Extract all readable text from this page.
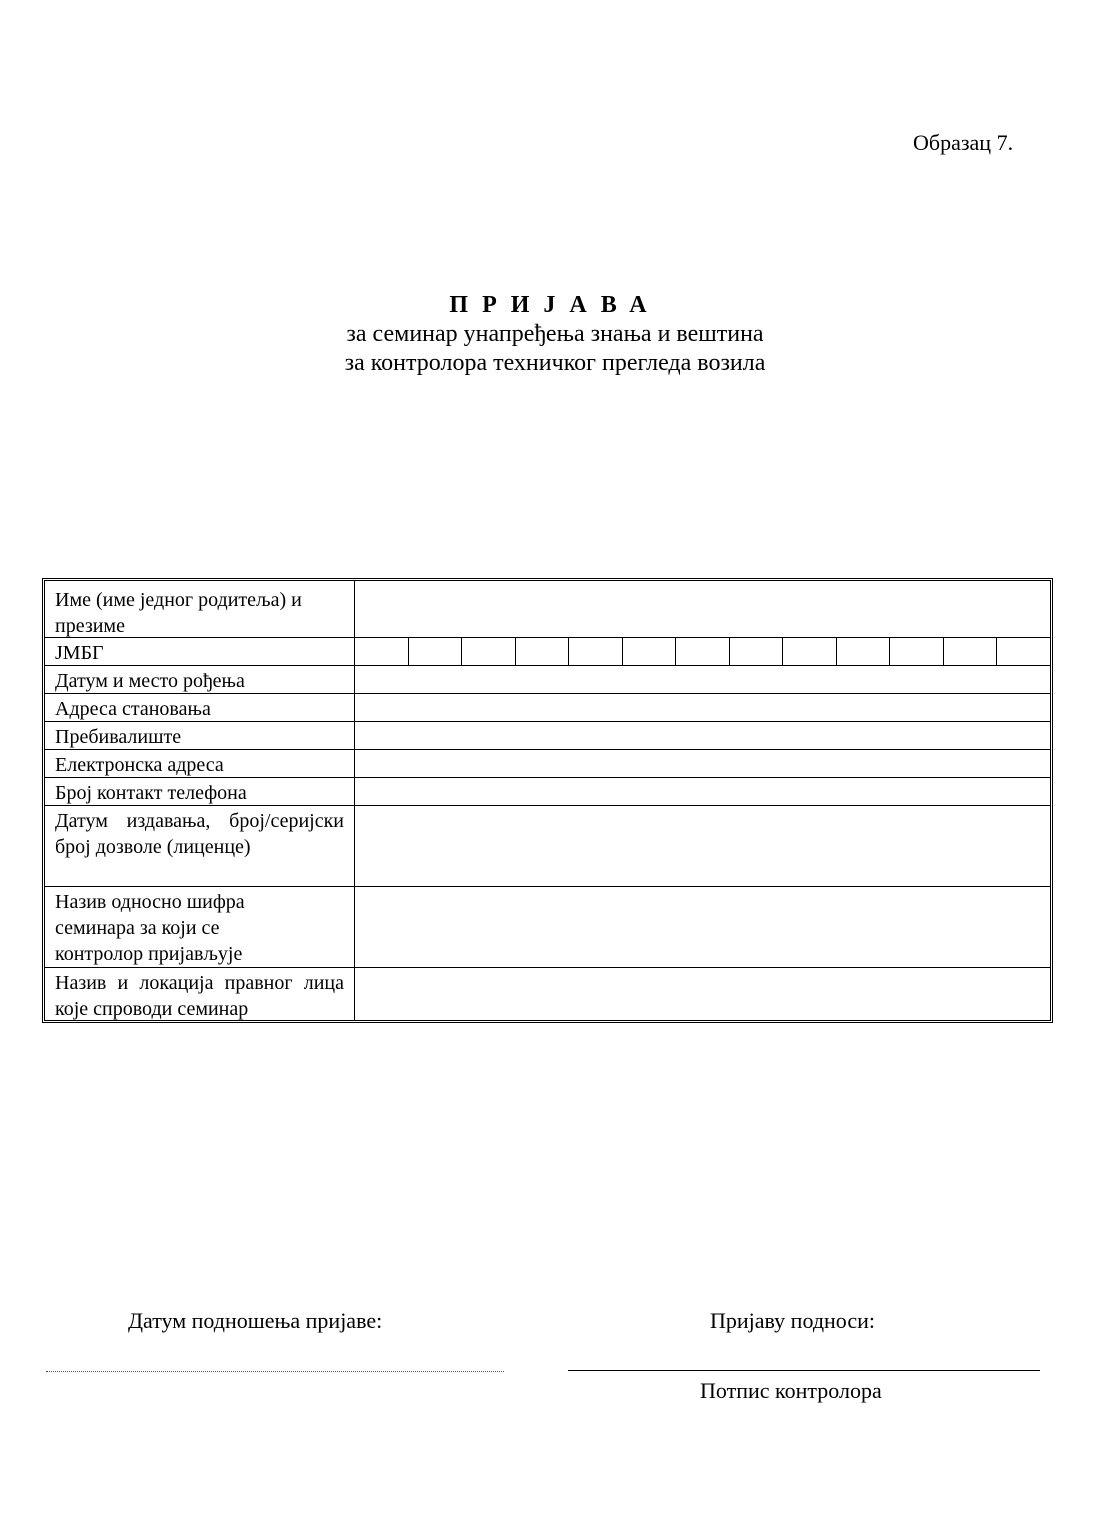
Образац 7.
ПРИЈАВА
за семинар унапређења знања и вештина
за контролора техничког прегледа возила
Име (име једног родитеља) и презиме
ЈМБГ
Датум и место рођења
Адреса становања
Пребивалиште
Електронска адреса
Број контакт телефона
Датум издавања, број/серијски број дозволе (лиценце)
Назив односно шифра семинара за који се контролор пријављује
Назив и локација правног лица које спроводи семинар
Датум подношења пријаве:	Пријаву подноси:
Потпис контролора
